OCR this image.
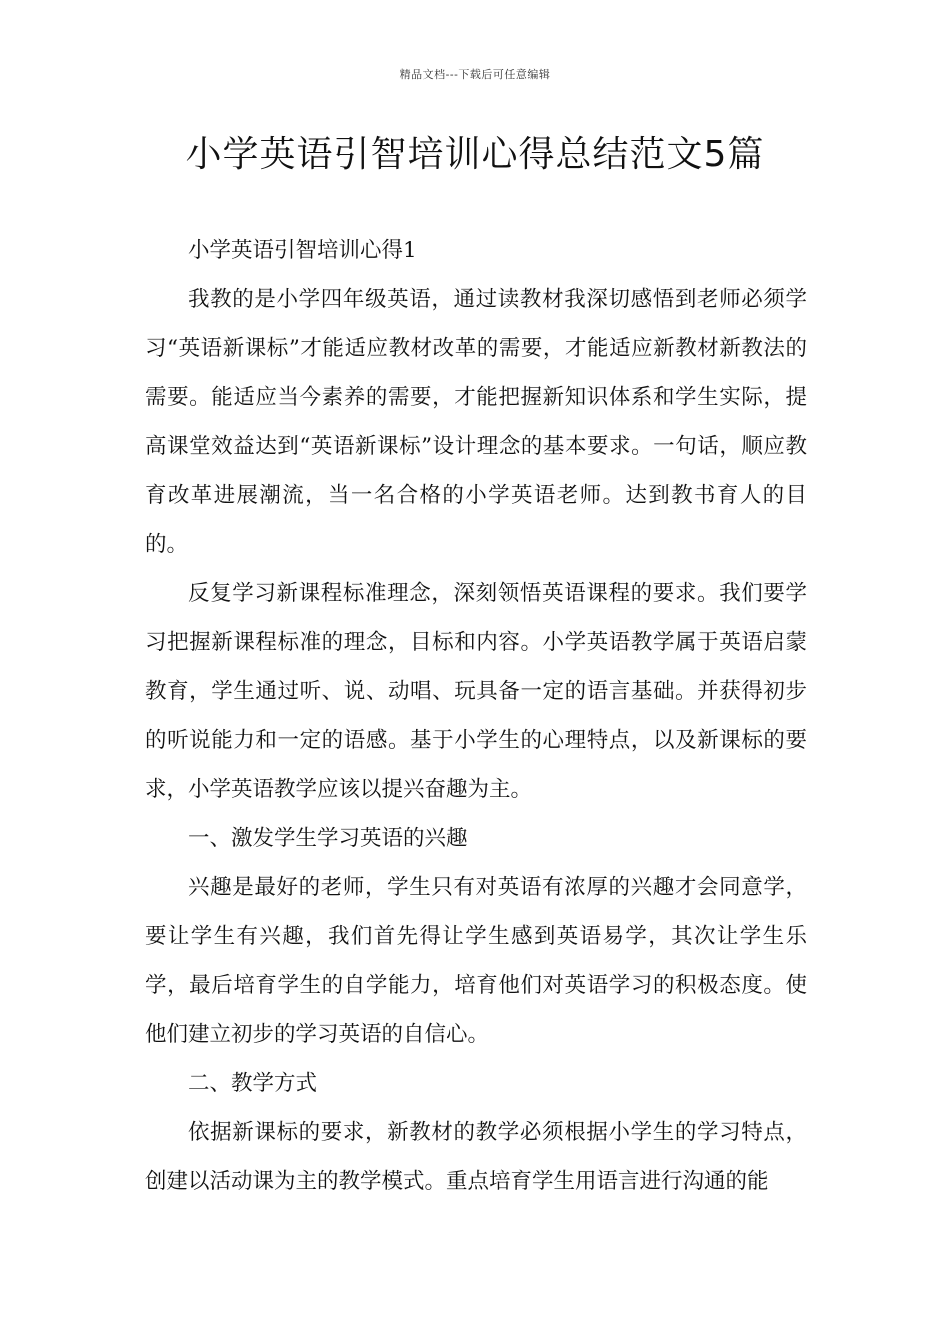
精品文档---下载后可任意编辑
小学英语引智培训心得总结范文5篇

小学英语引智培训心得1

我教的是小学四年级英语，通过读教材我深切感悟到老师必须学习“英语新课标”才能适应教材改革的需要，才能适应新教材新教法的需要。能适应当今素养的需要，才能把握新知识体系和学生实际，提高课堂效益达到“英语新课标”设计理念的基本要求。一句话，顺应教育改革进展潮流，当一名合格的小学英语老师。达到教书育人的目的。

反复学习新课程标准理念，深刻领悟英语课程的要求。我们要学习把握新课程标准的理念，目标和内容。小学英语教学属于英语启蒙教育，学生通过听、说、动唱、玩具备一定的语言基础。并获得初步的听说能力和一定的语感。基于小学生的心理特点，以及新课标的要求，小学英语教学应该以提兴奋趣为主。

一、激发学生学习英语的兴趣

兴趣是最好的老师，学生只有对英语有浓厚的兴趣才会同意学，要让学生有兴趣，我们首先得让学生感到英语易学，其次让学生乐学，最后培育学生的自学能力，培育他们对英语学习的积极态度。使他们建立初步的学习英语的自信心。

二、教学方式

依据新课标的要求，新教材的教学必须根据小学生的学习特点，创建以活动课为主的教学模式。重点培育学生用语言进行沟通的能
